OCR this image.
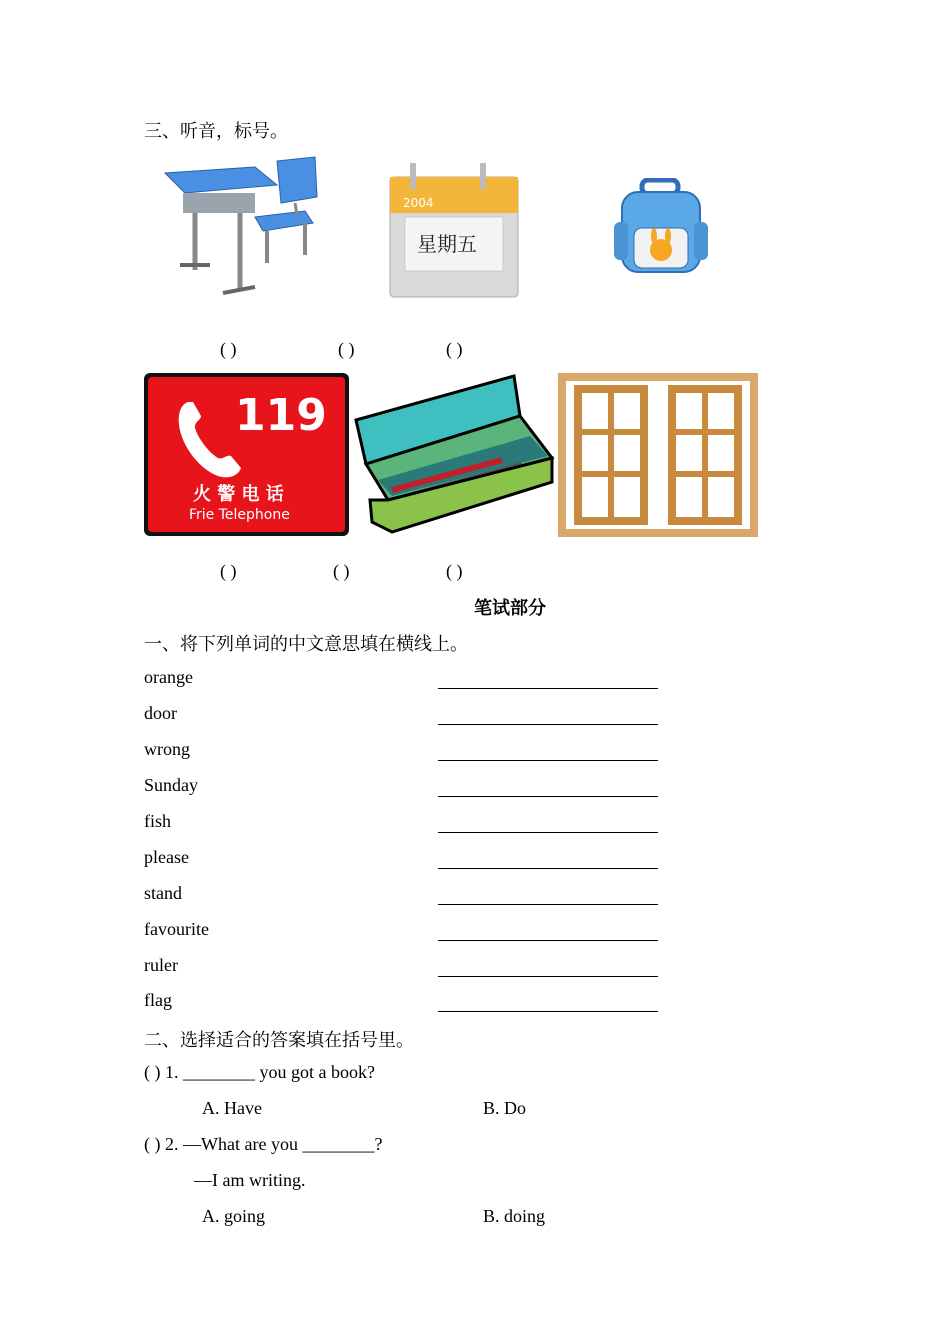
三、听音，标号。
( )
2004
星期五
( )	( )
119
火 警 电 话
Frie Telephone
( )	( )	( )
笔试部分
一、将下列单词的中文意思填在横线上。
orange
door
wrong
Sunday
fish
please
stand
favourite
ruler
flag
二、选择适合的答案填在括号里。
( ) 1. ________ you got a book?
A. Have	B. Do
( ) 2. —What are you ________?
—I am writing.
A. going	B. doing
